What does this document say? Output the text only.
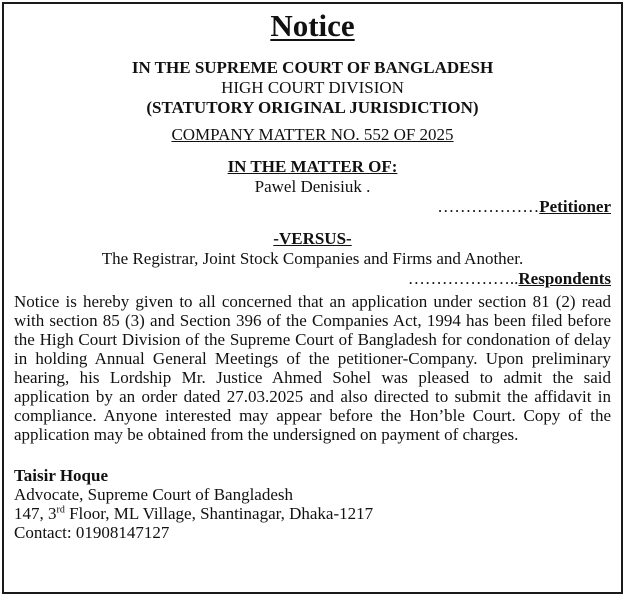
Notice
IN THE SUPREME COURT OF BANGLADESH
HIGH COURT DIVISION
(STATUTORY ORIGINAL JURISDICTION)
COMPANY MATTER NO. 552 OF 2025
IN THE MATTER OF:
Pawel Denisiuk .
………………Petitioner
-VERSUS-
The Registrar, Joint Stock Companies and Firms and Another.
………………..Respondents
Notice is hereby given to all concerned that an application under section 81 (2) read with section 85 (3) and Section 396 of the Companies Act, 1994 has been filed before the High Court Division of the Supreme Court of Bangladesh for condonation of delay in holding Annual General Meetings of the petitioner-Company. Upon preliminary hearing, his Lordship Mr. Justice Ahmed Sohel was pleased to admit the said application by an order dated 27.03.2025 and also directed to submit the affidavit in compliance. Anyone interested may appear before the Hon’ble Court. Copy of the application may be obtained from the undersigned on payment of charges.
Taisir Hoque
Advocate, Supreme Court of Bangladesh
147, 3rd Floor, ML Village, Shantinagar, Dhaka-1217
Contact: 01908147127
